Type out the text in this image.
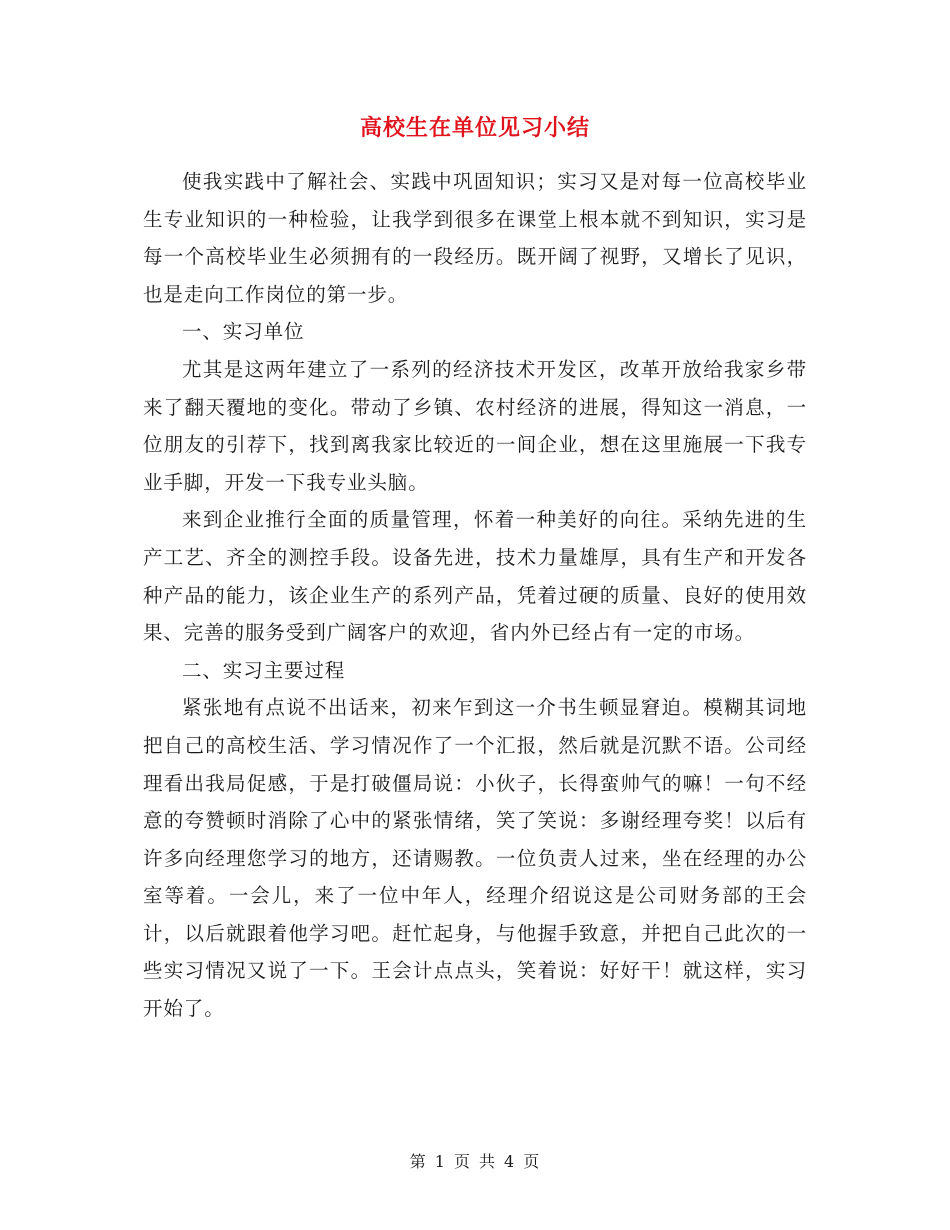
高校生在单位见习小结

使我实践中了解社会、实践中巩固知识；实习又是对每一位高校毕业生专业知识的一种检验，让我学到很多在课堂上根本就不到知识，实习是每一个高校毕业生必须拥有的一段经历。既开阔了视野，又增长了见识，也是走向工作岗位的第一步。

一、实习单位

尤其是这两年建立了一系列的经济技术开发区，改革开放给我家乡带来了翻天覆地的变化。带动了乡镇、农村经济的进展，得知这一消息，一位朋友的引荐下，找到离我家比较近的一间企业，想在这里施展一下我专业手脚，开发一下我专业头脑。

来到企业推行全面的质量管理，怀着一种美好的向往。采纳先进的生产工艺、齐全的测控手段。设备先进，技术力量雄厚，具有生产和开发各种产品的能力，该企业生产的系列产品，凭着过硬的质量、良好的使用效果、完善的服务受到广阔客户的欢迎，省内外已经占有一定的市场。

二、实习主要过程

紧张地有点说不出话来，初来乍到这一介书生顿显窘迫。模糊其词地把自己的高校生活、学习情况作了一个汇报，然后就是沉默不语。公司经理看出我局促感，于是打破僵局说：小伙子，长得蛮帅气的嘛！一句不经意的夸赞顿时消除了心中的紧张情绪，笑了笑说：多谢经理夸奖！以后有许多向经理您学习的地方，还请赐教。一位负责人过来，坐在经理的办公室等着。一会儿，来了一位中年人，经理介绍说这是公司财务部的王会计，以后就跟着他学习吧。赶忙起身，与他握手致意，并把自己此次的一些实习情况又说了一下。王会计点点头，笑着说：好好干！就这样，实习开始了。

第 1 页 共 4 页
